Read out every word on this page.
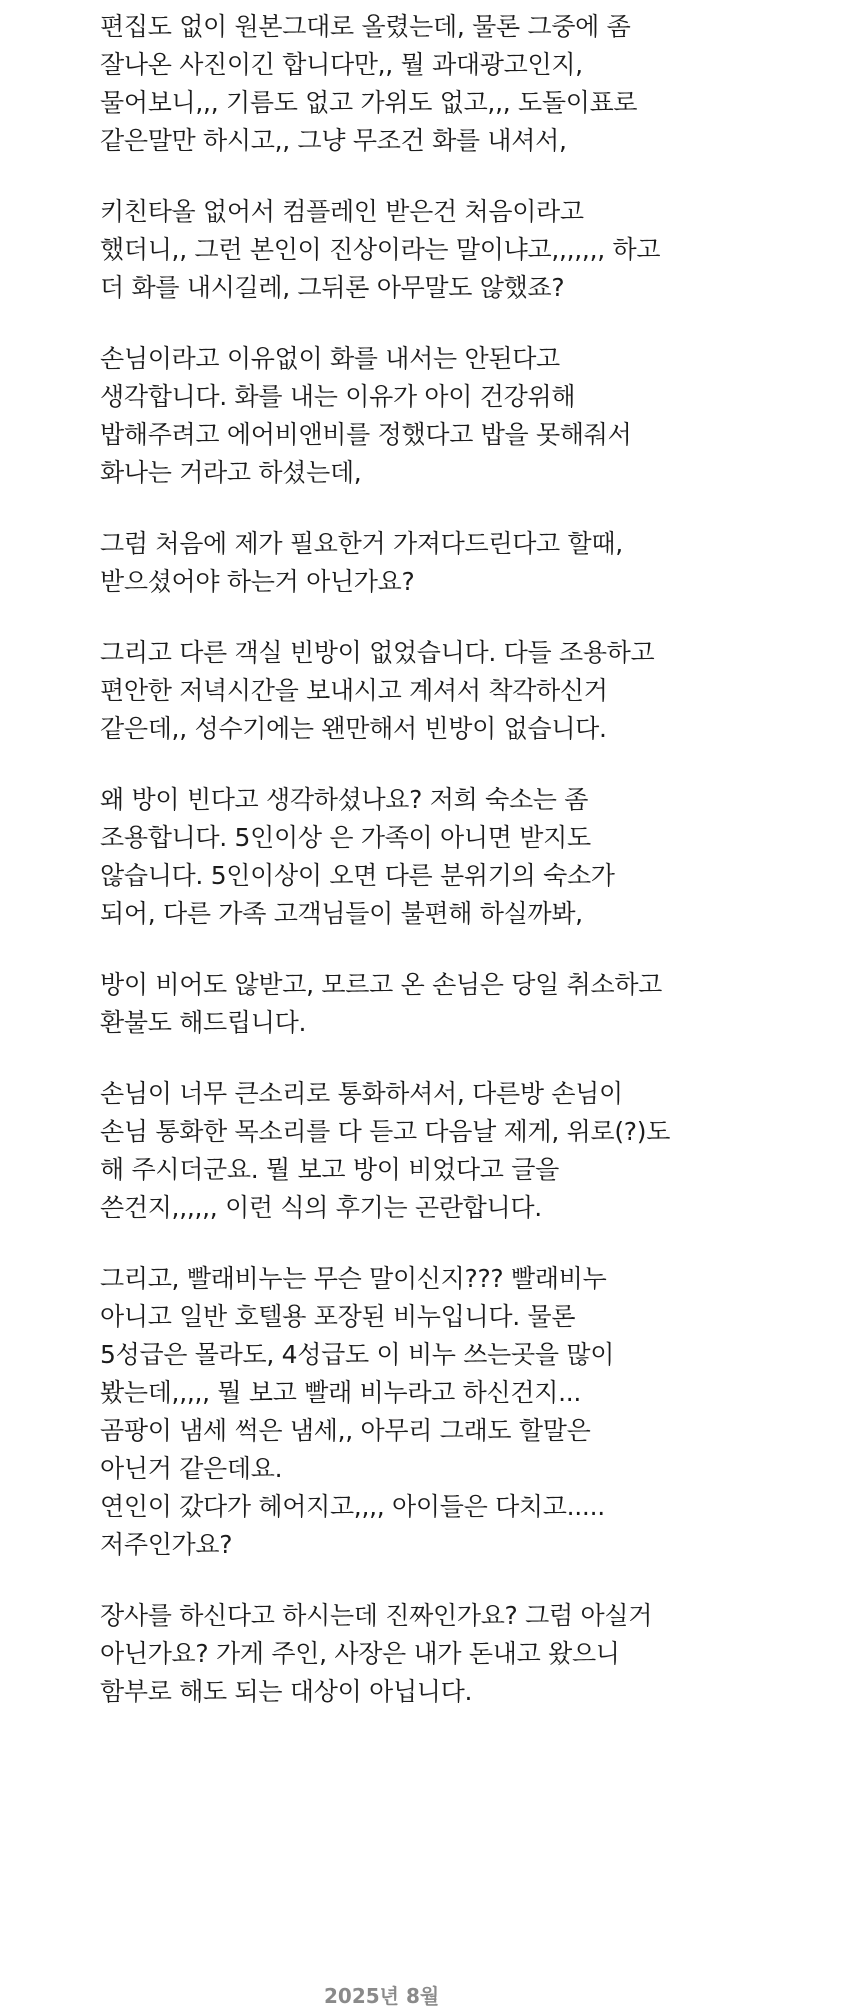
편집도 없이 원본그대로 올렸는데, 물론 그중에 좀
잘나온 사진이긴 합니다만,, 뭘 과대광고인지,
물어보니,,, 기름도 없고 가위도 없고,,, 도돌이표로
같은말만 하시고,, 그냥 무조건 화를 내셔서,
키친타올 없어서 컴플레인 받은건 처음이라고
했더니,, 그런 본인이 진상이라는 말이냐고,,,,,,, 하고
더 화를 내시길레, 그뒤론 아무말도 않했죠?
손님이라고 이유없이 화를 내서는 안된다고
생각합니다. 화를 내는 이유가 아이 건강위해
밥해주려고 에어비앤비를 정했다고 밥을 못해줘서
화나는 거라고 하셨는데,
그럼 처음에 제가 필요한거 가져다드린다고 할때,
받으셨어야 하는거 아닌가요?
그리고 다른 객실 빈방이 없었습니다. 다들 조용하고
편안한 저녁시간을 보내시고 계셔서 착각하신거
같은데,, 성수기에는 왠만해서 빈방이 없습니다.
왜 방이 빈다고 생각하셨나요? 저희 숙소는 좀
조용합니다. 5인이상 은 가족이 아니면 받지도
않습니다. 5인이상이 오면 다른 분위기의 숙소가
되어, 다른 가족 고객님들이 불편해 하실까봐,
방이 비어도 않받고, 모르고 온 손님은 당일 취소하고
환불도 해드립니다.
손님이 너무 큰소리로 통화하셔서, 다른방 손님이
손님 통화한 목소리를 다 듣고 다음날 제게, 위로(?)도
해 주시더군요. 뭘 보고 방이 비었다고 글을
쓴건지,,,,,, 이런 식의 후기는 곤란합니다.
그리고, 빨래비누는 무슨 말이신지??? 빨래비누
아니고 일반 호텔용 포장된 비누입니다. 물론
5성급은 몰라도, 4성급도 이 비누 쓰는곳을 많이
봤는데,,,,, 뭘 보고 빨래 비누라고 하신건지...
곰팡이 냄세 썩은 냄세,, 아무리 그래도 할말은
아닌거 같은데요.
연인이 갔다가 헤어지고,,,, 아이들은 다치고.....
저주인가요?
장사를 하신다고 하시는데 진짜인가요? 그럼 아실거
아닌가요? 가게 주인, 사장은 내가 돈내고 왔으니
함부로 해도 되는 대상이 아닙니다.
2025년 8월
